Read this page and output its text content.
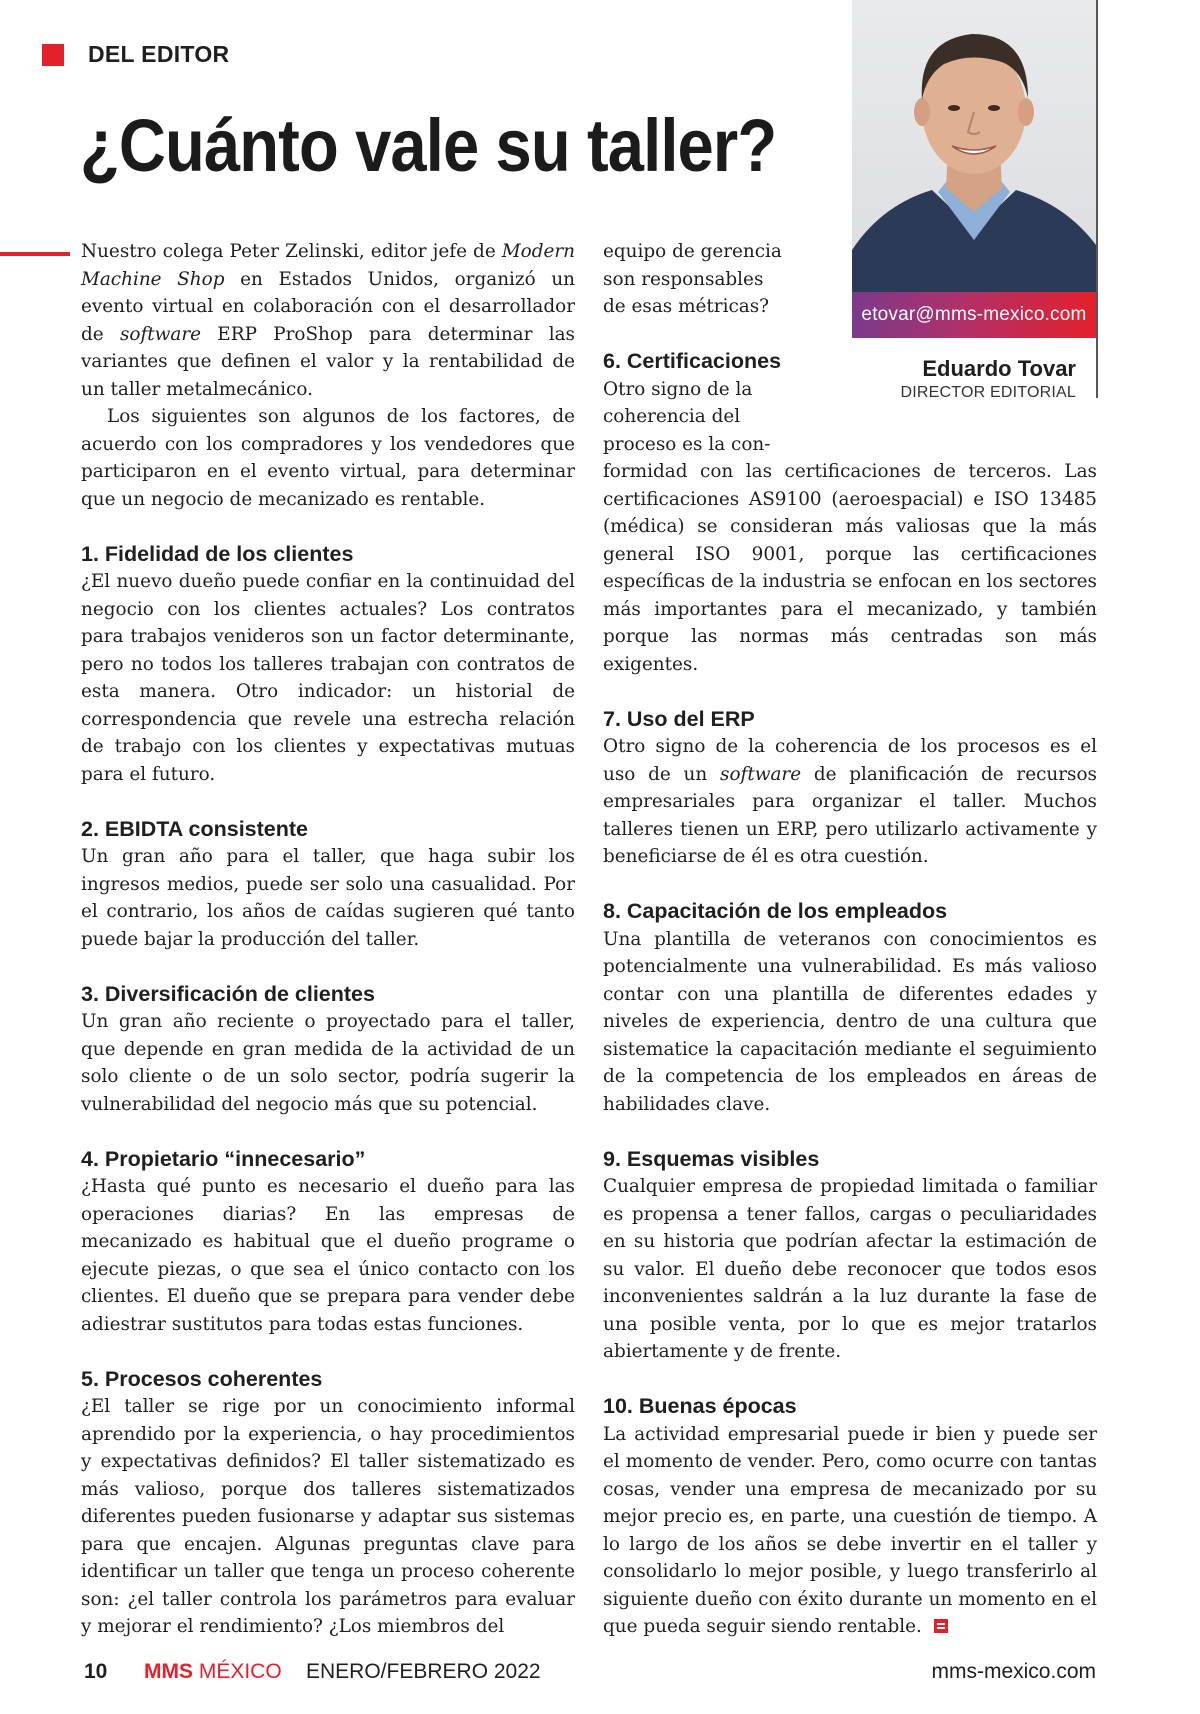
DEL EDITOR
¿Cuánto vale su taller?
etovar@mms-mexico.com
Eduardo Tovar
DIRECTOR EDITORIAL

Nuestro colega Peter Zelinski, editor jefe de Modern Machine Shop en Estados Unidos, organizó un evento virtual en colaboración con el desarrollador de software ERP ProShop para determinar las variantes que definen el valor y la rentabilidad de un taller metalmecánico.

Los siguientes son algunos de los factores, de acuerdo con los compradores y los vendedores que participaron en el evento virtual, para determinar que un negocio de mecanizado es rentable.

1. Fidelidad de los clientes

¿El nuevo dueño puede confiar en la continuidad del negocio con los clientes actuales? Los contratos para trabajos venideros son un factor determinante, pero no todos los talleres trabajan con contratos de esta manera. Otro indicador: un historial de correspondencia que revele una estrecha relación de trabajo con los clientes y expectativas mutuas para el futuro.

2. EBIDTA consistente

Un gran año para el taller, que haga subir los ingresos medios, puede ser solo una casualidad. Por el contrario, los años de caídas sugieren qué tanto puede bajar la producción del taller.

3. Diversificación de clientes

Un gran año reciente o proyectado para el taller, que depende en gran medida de la actividad de un solo cliente o de un solo sector, podría sugerir la vulnerabilidad del negocio más que su potencial.

4. Propietario “innecesario”

¿Hasta qué punto es necesario el dueño para las operaciones diarias? En las empresas de mecanizado es habitual que el dueño programe o ejecute piezas, o que sea el único contacto con los clientes. El dueño que se prepara para vender debe adiestrar sustitutos para todas estas funciones.

5. Procesos coherentes

¿El taller se rige por un conocimiento informal aprendido por la experiencia, o hay procedimientos y expectativas definidos? El taller sistematizado es más valioso, porque dos talleres sistematizados diferentes pueden fusionarse y adaptar sus sistemas para que encajen. Algunas preguntas clave para identificar un taller que tenga un proceso coherente son: ¿el taller controla los parámetros para evaluar y mejorar el rendimiento? ¿Los miembros del

equipo de gerencia son responsables de esas métricas?

6. Certificaciones

Otro signo de la coherencia del proceso es la con-

formidad con las certificaciones de terceros. Las certificaciones AS9100 (aeroespacial) e ISO 13485 (médica) se consideran más valiosas que la más general ISO 9001, porque las certificaciones específicas de la industria se enfocan en los sectores más importantes para el mecanizado, y también porque las normas más centradas son más exigentes.

7. Uso del ERP

Otro signo de la coherencia de los procesos es el uso de un software de planificación de recursos empresariales para organizar el taller. Muchos talleres tienen un ERP, pero utilizarlo activamente y beneficiarse de él es otra cuestión.

8. Capacitación de los empleados

Una plantilla de veteranos con conocimientos es potencialmente una vulnerabilidad. Es más valioso contar con una plantilla de diferentes edades y niveles de experiencia, dentro de una cultura que sistematice la capacitación mediante el seguimiento de la competencia de los empleados en áreas de habilidades clave.

9. Esquemas visibles

Cualquier empresa de propiedad limitada o familiar es propensa a tener fallos, cargas o peculiaridades en su historia que podrían afectar la estimación de su valor. El dueño debe reconocer que todos esos inconvenientes saldrán a la luz durante la fase de una posible venta, por lo que es mejor tratarlos abiertamente y de frente.

10. Buenas épocas

La actividad empresarial puede ir bien y puede ser el momento de vender. Pero, como ocurre con tantas cosas, vender una empresa de mecanizado por su mejor precio es, en parte, una cuestión de tiempo. A lo largo de los años se debe invertir en el taller y consolidarlo lo mejor posible, y luego transferirlo al siguiente dueño con éxito durante un momento en el que pueda seguir siendo rentable.

10 MMS MÉXICO ENERO/FEBRERO 2022	mms-mexico.com
